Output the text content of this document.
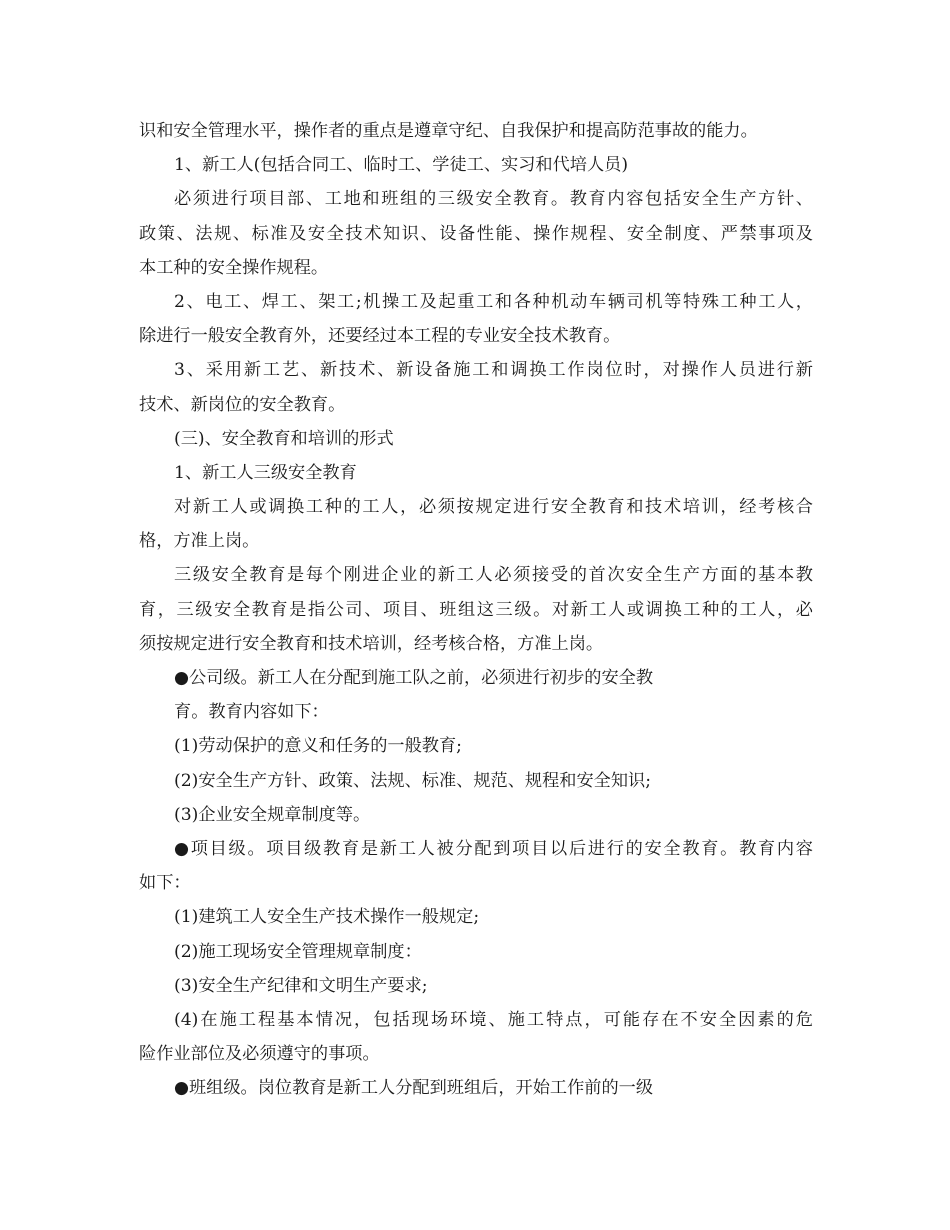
识和安全管理水平，操作者的重点是遵章守纪、自我保护和提高防范事故的能力。
1、新工人(包括合同工、临时工、学徒工、实习和代培人员)
必须进行项目部、工地和班组的三级安全教育。教育内容包括安全生产方针、
政策、法规、标准及安全技术知识、设备性能、操作规程、安全制度、严禁事项及
本工种的安全操作规程。
2、电工、焊工、架工;机操工及起重工和各种机动车辆司机等特殊工种工人，
除进行一般安全教育外，还要经过本工程的专业安全技术教育。
3、采用新工艺、新技术、新设备施工和调换工作岗位时，对操作人员进行新
技术、新岗位的安全教育。
(三)、安全教育和培训的形式
1、新工人三级安全教育
对新工人或调换工种的工人，必须按规定进行安全教育和技术培训，经考核合
格，方准上岗。
三级安全教育是每个刚进企业的新工人必须接受的首次安全生产方面的基本教
育，三级安全教育是指公司、项目、班组这三级。对新工人或调换工种的工人，必
须按规定进行安全教育和技术培训，经考核合格，方准上岗。
●公司级。新工人在分配到施工队之前，必须进行初步的安全教
育。教育内容如下：
(1)劳动保护的意义和任务的一般教育;
(2)安全生产方针、政策、法规、标准、规范、规程和安全知识;
(3)企业安全规章制度等。
●项目级。项目级教育是新工人被分配到项目以后进行的安全教育。教育内容
如下：
(1)建筑工人安全生产技术操作一般规定;
(2)施工现场安全管理规章制度：
(3)安全生产纪律和文明生产要求;
(4)在施工程基本情况，包括现场环境、施工特点，可能存在不安全因素的危
险作业部位及必须遵守的事项。
●班组级。岗位教育是新工人分配到班组后，开始工作前的一级
